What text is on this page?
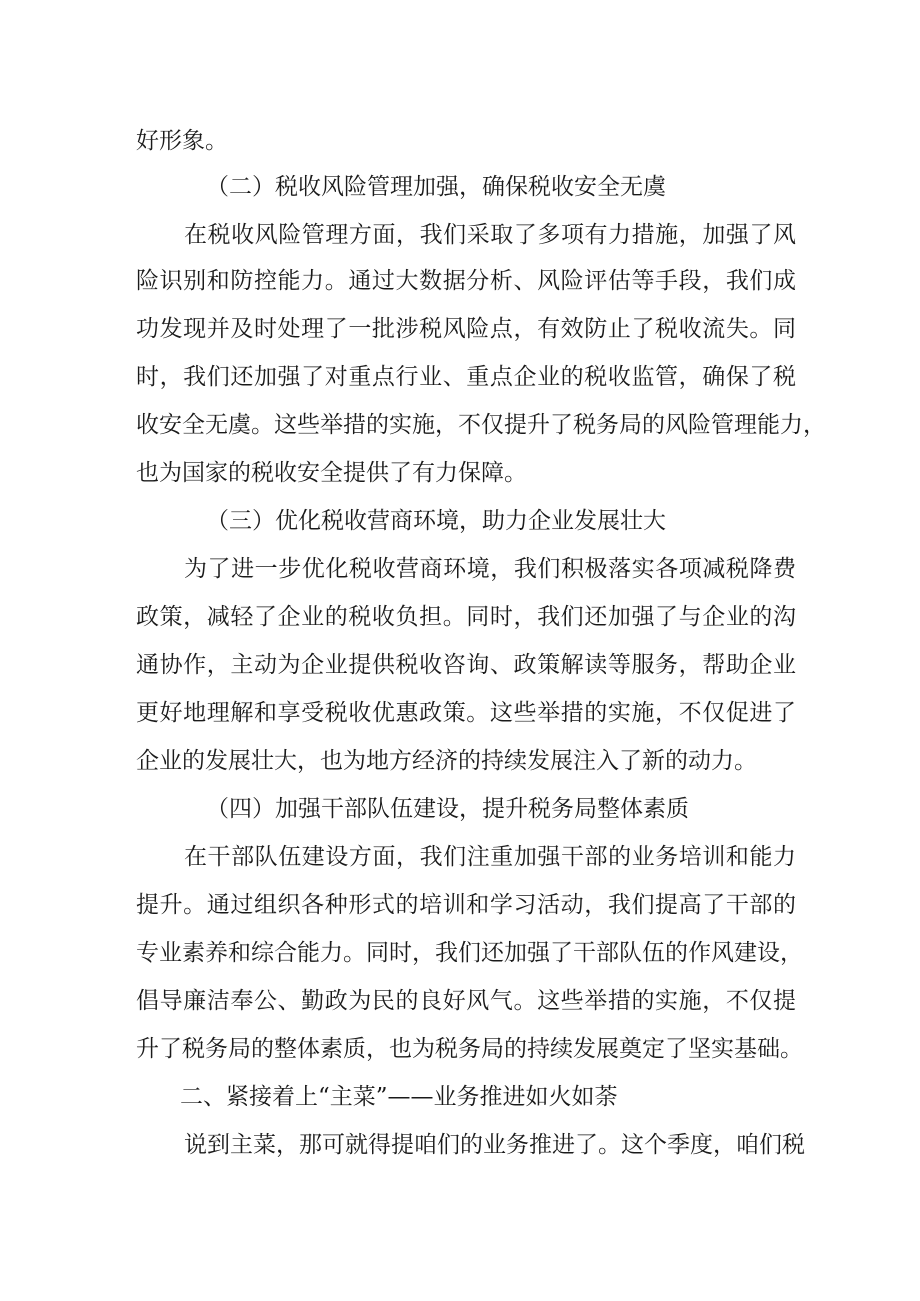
好形象。
（二）税收风险管理加强，确保税收安全无虞
在税收风险管理方面，我们采取了多项有力措施，加强了风
险识别和防控能力。通过大数据分析、风险评估等手段，我们成
功发现并及时处理了一批涉税风险点，有效防止了税收流失。同
时，我们还加强了对重点行业、重点企业的税收监管，确保了税
收安全无虞。这些举措的实施，不仅提升了税务局的风险管理能力，
也为国家的税收安全提供了有力保障。
（三）优化税收营商环境，助力企业发展壮大
为了进一步优化税收营商环境，我们积极落实各项减税降费
政策，减轻了企业的税收负担。同时，我们还加强了与企业的沟
通协作，主动为企业提供税收咨询、政策解读等服务，帮助企业
更好地理解和享受税收优惠政策。这些举措的实施，不仅促进了
企业的发展壮大，也为地方经济的持续发展注入了新的动力。
（四）加强干部队伍建设，提升税务局整体素质
在干部队伍建设方面，我们注重加强干部的业务培训和能力
提升。通过组织各种形式的培训和学习活动，我们提高了干部的
专业素养和综合能力。同时，我们还加强了干部队伍的作风建设，
倡导廉洁奉公、勤政为民的良好风气。这些举措的实施，不仅提
升了税务局的整体素质，也为税务局的持续发展奠定了坚实基础。
二、紧接着上“主菜”——业务推进如火如荼
说到主菜，那可就得提咱们的业务推进了。这个季度，咱们税
